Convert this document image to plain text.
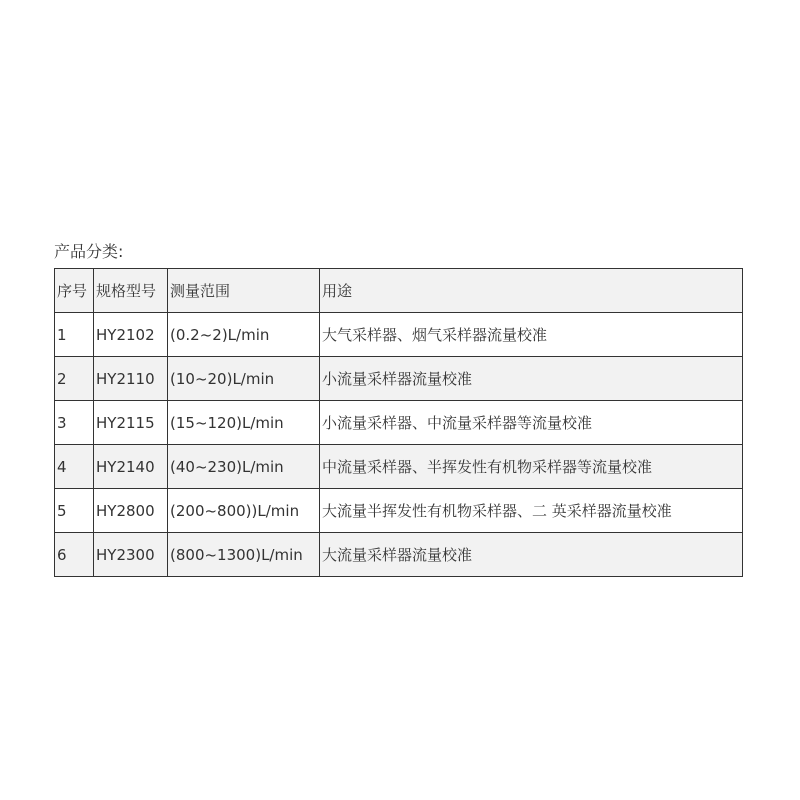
产品分类:
序号	规格型号	测量范围	用途
1	HY2102	(0.2~2)L/min	大气采样器、烟气采样器流量校准
2	HY2110	(10~20)L/min	小流量采样器流量校准
3	HY2115	(15~120)L/min	小流量采样器、中流量采样器等流量校准
4	HY2140	(40~230)L/min	中流量采样器、半挥发性有机物采样器等流量校准
5	HY2800	(200~800))L/min	大流量半挥发性有机物采样器、二 英采样器流量校准
6	HY2300	(800~1300)L/min	大流量采样器流量校准
